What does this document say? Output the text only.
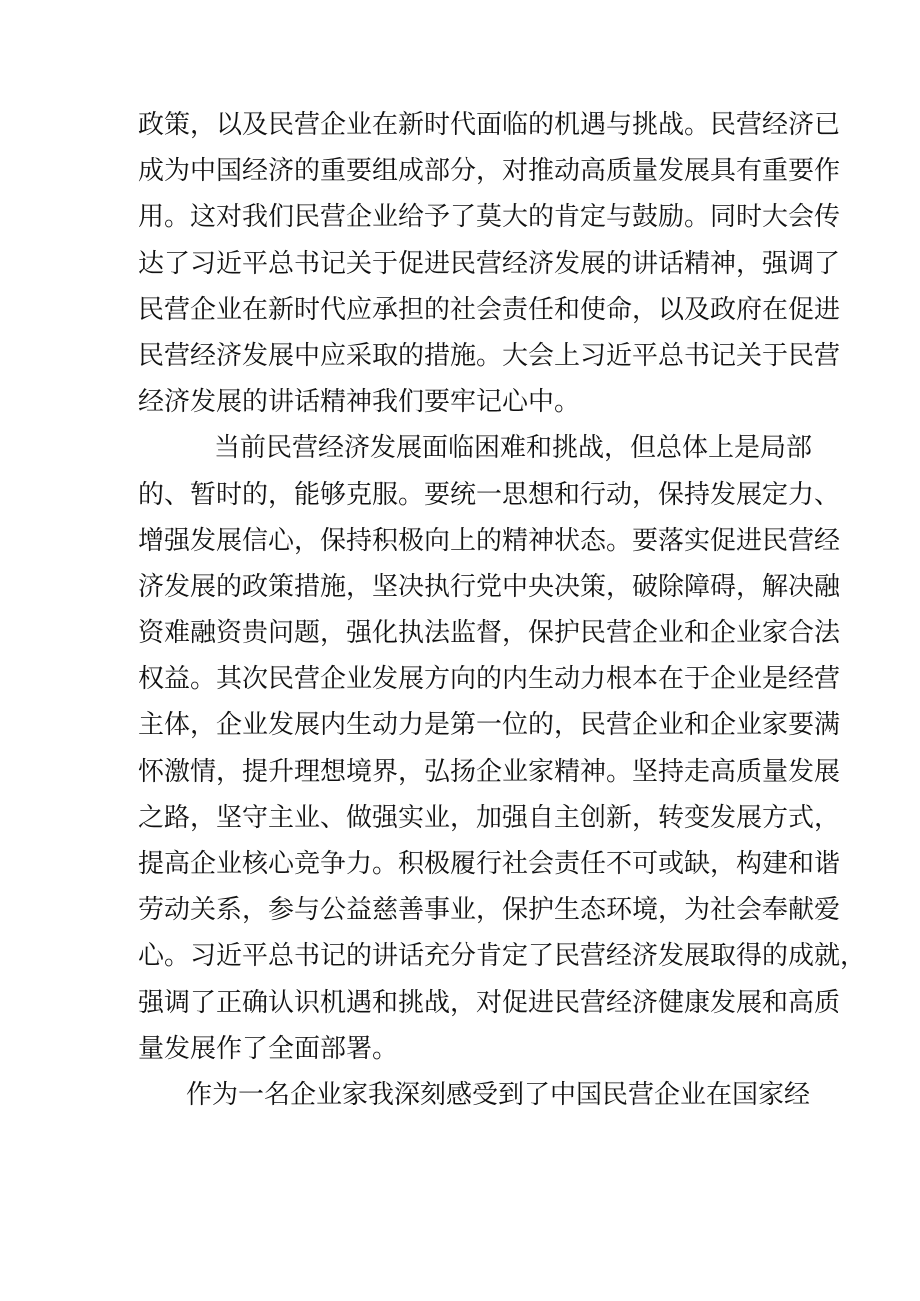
政策，以及民营企业在新时代面临的机遇与挑战。民营经济已
成为中国经济的重要组成部分，对推动高质量发展具有重要作
用。这对我们民营企业给予了莫大的肯定与鼓励。同时大会传
达了习近平总书记关于促进民营经济发展的讲话精神，强调了
民营企业在新时代应承担的社会责任和使命，以及政府在促进
民营经济发展中应采取的措施。大会上习近平总书记关于民营
经济发展的讲话精神我们要牢记心中。
当前民营经济发展面临困难和挑战，但总体上是局部
的、暂时的，能够克服。要统一思想和行动，保持发展定力、
增强发展信心，保持积极向上的精神状态。要落实促进民营经
济发展的政策措施，坚决执行党中央决策，破除障碍，解决融
资难融资贵问题，强化执法监督，保护民营企业和企业家合法
权益。其次民营企业发展方向的内生动力根本在于企业是经营
主体，企业发展内生动力是第一位的，民营企业和企业家要满
怀激情，提升理想境界，弘扬企业家精神。坚持走高质量发展
之路，坚守主业、做强实业，加强自主创新，转变发展方式，
提高企业核心竞争力。积极履行社会责任不可或缺，构建和谐
劳动关系，参与公益慈善事业，保护生态环境，为社会奉献爱
心。习近平总书记的讲话充分肯定了民营经济发展取得的成就，
强调了正确认识机遇和挑战，对促进民营经济健康发展和高质
量发展作了全面部署。
作为一名企业家我深刻感受到了中国民营企业在国家经
